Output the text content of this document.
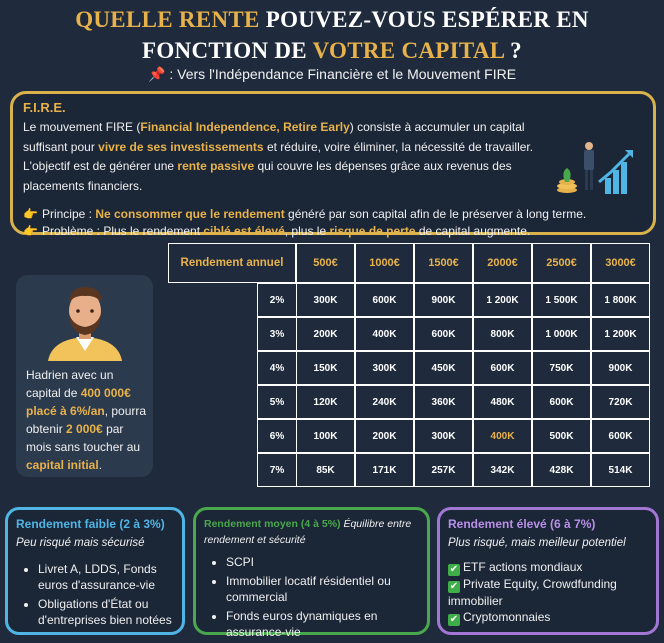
QUELLE RENTE POUVEZ-VOUS ESPÉRER EN
FONCTION DE VOTRE CAPITAL ?
📌 : Vers l'Indépendance Financière et le Mouvement FIRE
F.I.R.E.
Le mouvement FIRE (Financial Independence, Retire Early) consiste à accumuler un capital suffisant pour vivre de ses investissements et réduire, voire éliminer, la nécessité de travailler. L'objectif est de générer une rente passive qui couvre les dépenses grâce aux revenus des placements financiers.
👉 Principe : Ne consommer que le rendement généré par son capital afin de le préserver à long terme.
👉 Problème : Plus le rendement ciblé est élevé, plus le risque de perte de capital augmente.
Hadrien avec un capital de 400 000€ placé à 6%/an, pourra obtenir 2 000€ par mois sans toucher au capital initial.
Rendement annuel	500€	1000€	1500€	2000€	2500€	3000€

2%	300K	600K	900K	1 200K	1 500K	1 800K

3%	200K	400K	600K	800K	1 000K	1 200K

4%	150K	300K	450K	600K	750K	900K

5%	120K	240K	360K	480K	600K	720K

6%	100K	200K	300K	400K	500K	600K

7%	85K	171K	257K	342K	428K	514K
Rendement faible (2 à 3%)
Peu risqué mais sécurisé
• Livret A, LDDS, Fonds euros d'assurance-vie
• Obligations d'État ou d'entreprises bien notées
Rendement moyen (4 à 5%) Équilibre entre rendement et sécurité
• SCPI
• Immobilier locatif résidentiel ou commercial
• Fonds euros dynamiques en assurance-vie
Rendement élevé (6 à 7%)
Plus risqué, mais meilleur potentiel
✔ ETF actions mondiaux
✔ Private Equity, Crowdfunding immobilier
✔ Cryptomonnaies
